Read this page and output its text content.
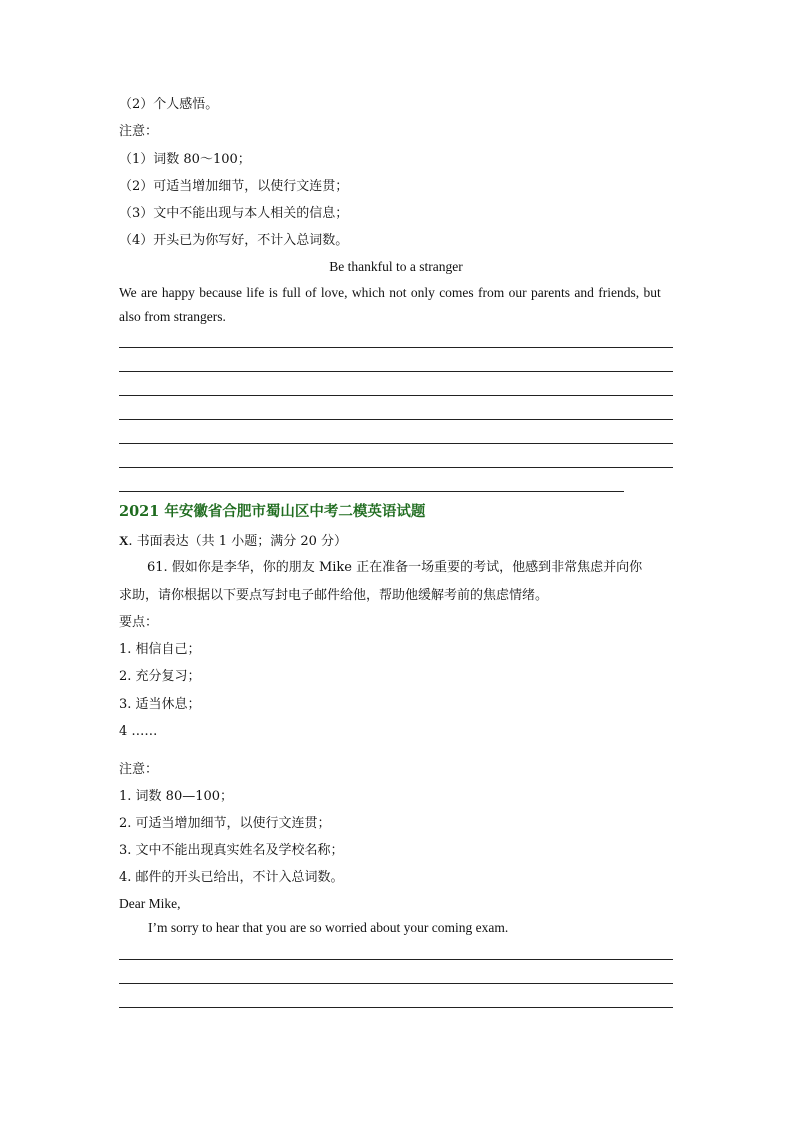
（2）个人感悟。
注意：
（1）词数 80～100；
（2）可适当增加细节，以使行文连贯；
（3）文中不能出现与本人相关的信息；
（4）开头已为你写好，不计入总词数。
Be thankful to a stranger
We are happy because life is full of love, which not only comes from our parents and friends, but
also from strangers.
2021 年安徽省合肥市蜀山区中考二模英语试题
X. 书面表达（共 1 小题；满分 20 分）
61. 假如你是李华，你的朋友 Mike 正在准备一场重要的考试，他感到非常焦虑并向你
求助，请你根据以下要点写封电子邮件给他，帮助他缓解考前的焦虑情绪。
要点：
1. 相信自己；
2. 充分复习；
3. 适当休息；
4 ……
注意：
1. 词数 80—100；
2. 可适当增加细节，以使行文连贯；
3. 文中不能出现真实姓名及学校名称；
4. 邮件的开头已给出，不计入总词数。
Dear Mike,
I’m sorry to hear that you are so worried about your coming exam.
